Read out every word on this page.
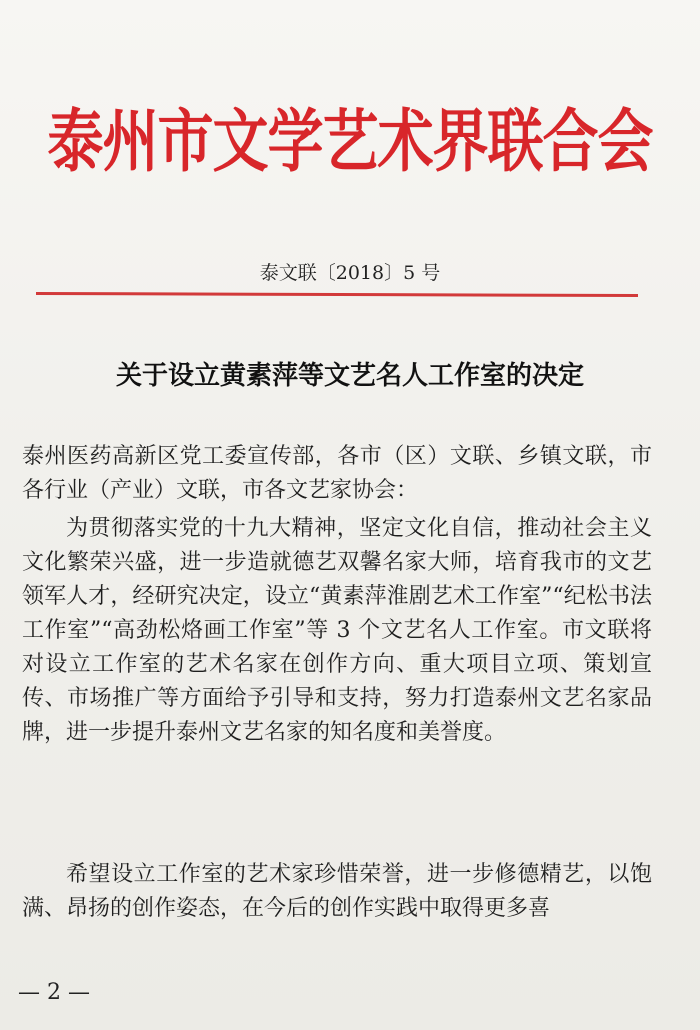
泰州市文学艺术界联合会
泰文联〔2018〕5 号
关于设立黄素萍等文艺名人工作室的决定
泰州医药高新区党工委宣传部，各市（区）文联、乡镇文联，市各行业（产业）文联，市各文艺家协会：
为贯彻落实党的十九大精神，坚定文化自信，推动社会主义文化繁荣兴盛，进一步造就德艺双馨名家大师，培育我市的文艺领军人才，经研究决定，设立“黄素萍淮剧艺术工作室”“纪松书法工作室”“高劲松烙画工作室”等 3 个文艺名人工作室。市文联将对设立工作室的艺术名家在创作方向、重大项目立项、策划宣传、市场推广等方面给予引导和支持，努力打造泰州文艺名家品牌，进一步提升泰州文艺名家的知名度和美誉度。
希望设立工作室的艺术家珍惜荣誉，进一步修德精艺，以饱满、昂扬的创作姿态，在今后的创作实践中取得更多喜
— 2 —
